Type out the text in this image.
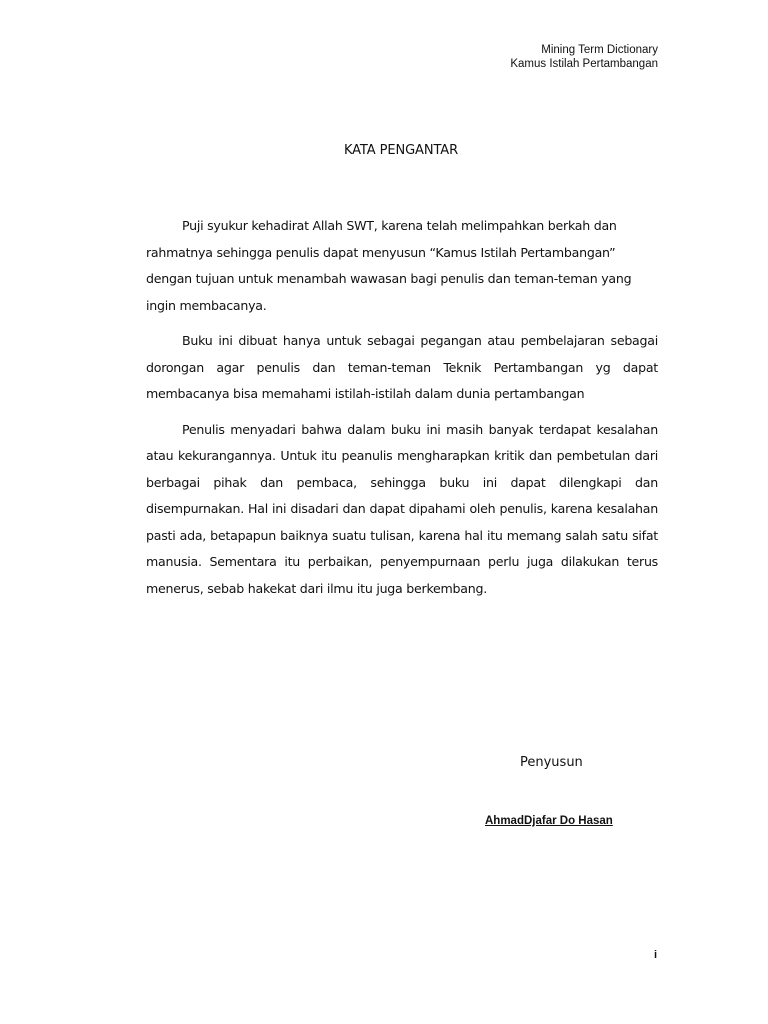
Mining Term Dictionary
Kamus Istilah Pertambangan
KATA PENGANTAR

Puji syukur kehadirat Allah SWT, karena telah melimpahkan berkah dan rahmatnya sehingga penulis dapat menyusun “Kamus Istilah Pertambangan” dengan tujuan untuk menambah wawasan bagi penulis dan teman-teman yang ingin membacanya.

Buku ini dibuat hanya untuk sebagai pegangan atau pembelajaran sebagai dorongan agar penulis dan teman-teman Teknik Pertambangan yg dapat membacanya bisa memahami istilah-istilah dalam dunia pertambangan

Penulis menyadari bahwa dalam buku ini masih banyak terdapat kesalahan atau kekurangannya. Untuk itu peanulis mengharapkan kritik dan pembetulan dari berbagai pihak dan pembaca, sehingga buku ini dapat dilengkapi dan disempurnakan. Hal ini disadari dan dapat dipahami oleh penulis, karena kesalahan pasti ada, betapapun baiknya suatu tulisan, karena hal itu memang salah satu sifat manusia. Sementara itu perbaikan, penyempurnaan perlu juga dilakukan terus menerus, sebab hakekat dari ilmu itu juga berkembang.

Penyusun
AhmadDjafar Do Hasan
i
